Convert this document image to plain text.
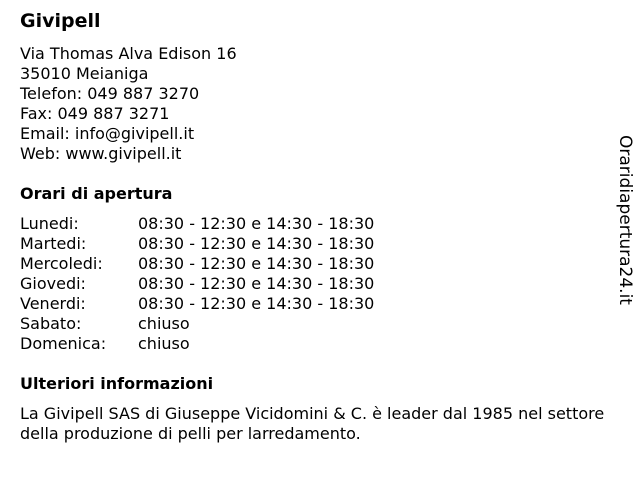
Givipell
Via Thomas Alva Edison 16
35010 Meianiga
Telefon: 049 887 3270
Fax: 049 887 3271
Email: info@givipell.it
Web: www.givipell.it
Orari di apertura
Lunedi:	08:30 - 12:30 e 14:30 - 18:30
Martedi:	08:30 - 12:30 e 14:30 - 18:30
Mercoledi: 08:30 - 12:30 e 14:30 - 18:30
Giovedi:	08:30 - 12:30 e 14:30 - 18:30
Venerdi:	08:30 - 12:30 e 14:30 - 18:30
Sabato:	chiuso
Domenica: chiuso
Ulteriori informazioni
La Givipell SAS di Giuseppe Vicidomini & C. è leader dal 1985 nel settore della produzione di pelli per larredamento.
Oraridiapertura24.it
